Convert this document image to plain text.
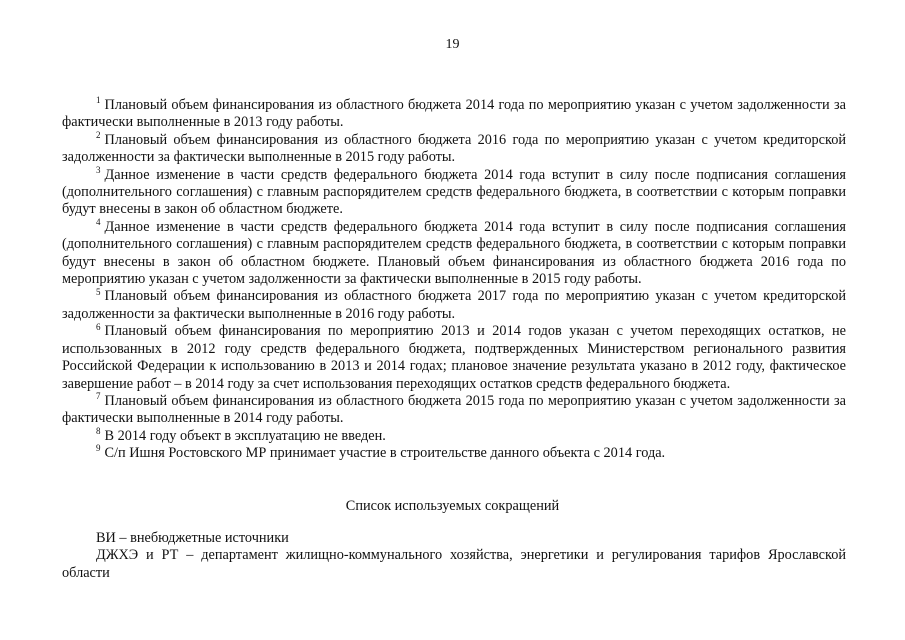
19

$^1$ Плановый объем финансирования из областного бюджета 2014 года по мероприятию указан с учетом задолженности за фактически выполненные в 2013 году работы.

$^2$ Плановый объем финансирования из областного бюджета 2016 года по мероприятию указан с учетом кредиторской задолженности за фактически выполненные в 2015 году работы.

$^3$ Данное изменение в части средств федерального бюджета 2014 года вступит в силу после подписания соглашения (дополнительного соглашения) с главным распорядителем средств федерального бюджета, в соответствии с которым поправки будут внесены в закон об областном бюджете.

$^4$ Данное изменение в части средств федерального бюджета 2014 года вступит в силу после подписания соглашения (дополнительного соглашения) с главным распорядителем средств федерального бюджета, в соответствии с которым поправки будут внесены в закон об областном бюджете. Плановый объем финансирования из областного бюджета 2016 года по мероприятию указан с учетом задолженности за фактически выполненные в 2015 году работы.

$^5$ Плановый объем финансирования из областного бюджета 2017 года по мероприятию указан с учетом кредиторской задолженности за фактически выполненные в 2016 году работы.

$^6$ Плановый объем финансирования по мероприятию 2013 и 2014 годов указан с учетом переходящих остатков, не использованных в 2012 году средств федерального бюджета, подтвержденных Министерством регионального развития Российской Федерации к использованию в 2013 и 2014 годах; плановое значение результата указано в 2012 году, фактическое завершение работ – в 2014 году за счет использования переходящих остатков средств федерального бюджета.

$^7$ Плановый объем финансирования из областного бюджета 2015 года по мероприятию указан с учетом задолженности за фактически выполненные в 2014 году работы.

$^8$ В 2014 году объект в эксплуатацию не введен.

$^9$ С/п Ишня Ростовского МР принимает участие в строительстве данного объекта с 2014 года.

Список используемых сокращений

ВИ – внебюджетные источники

ДЖХЭ и РТ – департамент жилищно-коммунального хозяйства, энергетики и регулирования тарифов Ярославской области
